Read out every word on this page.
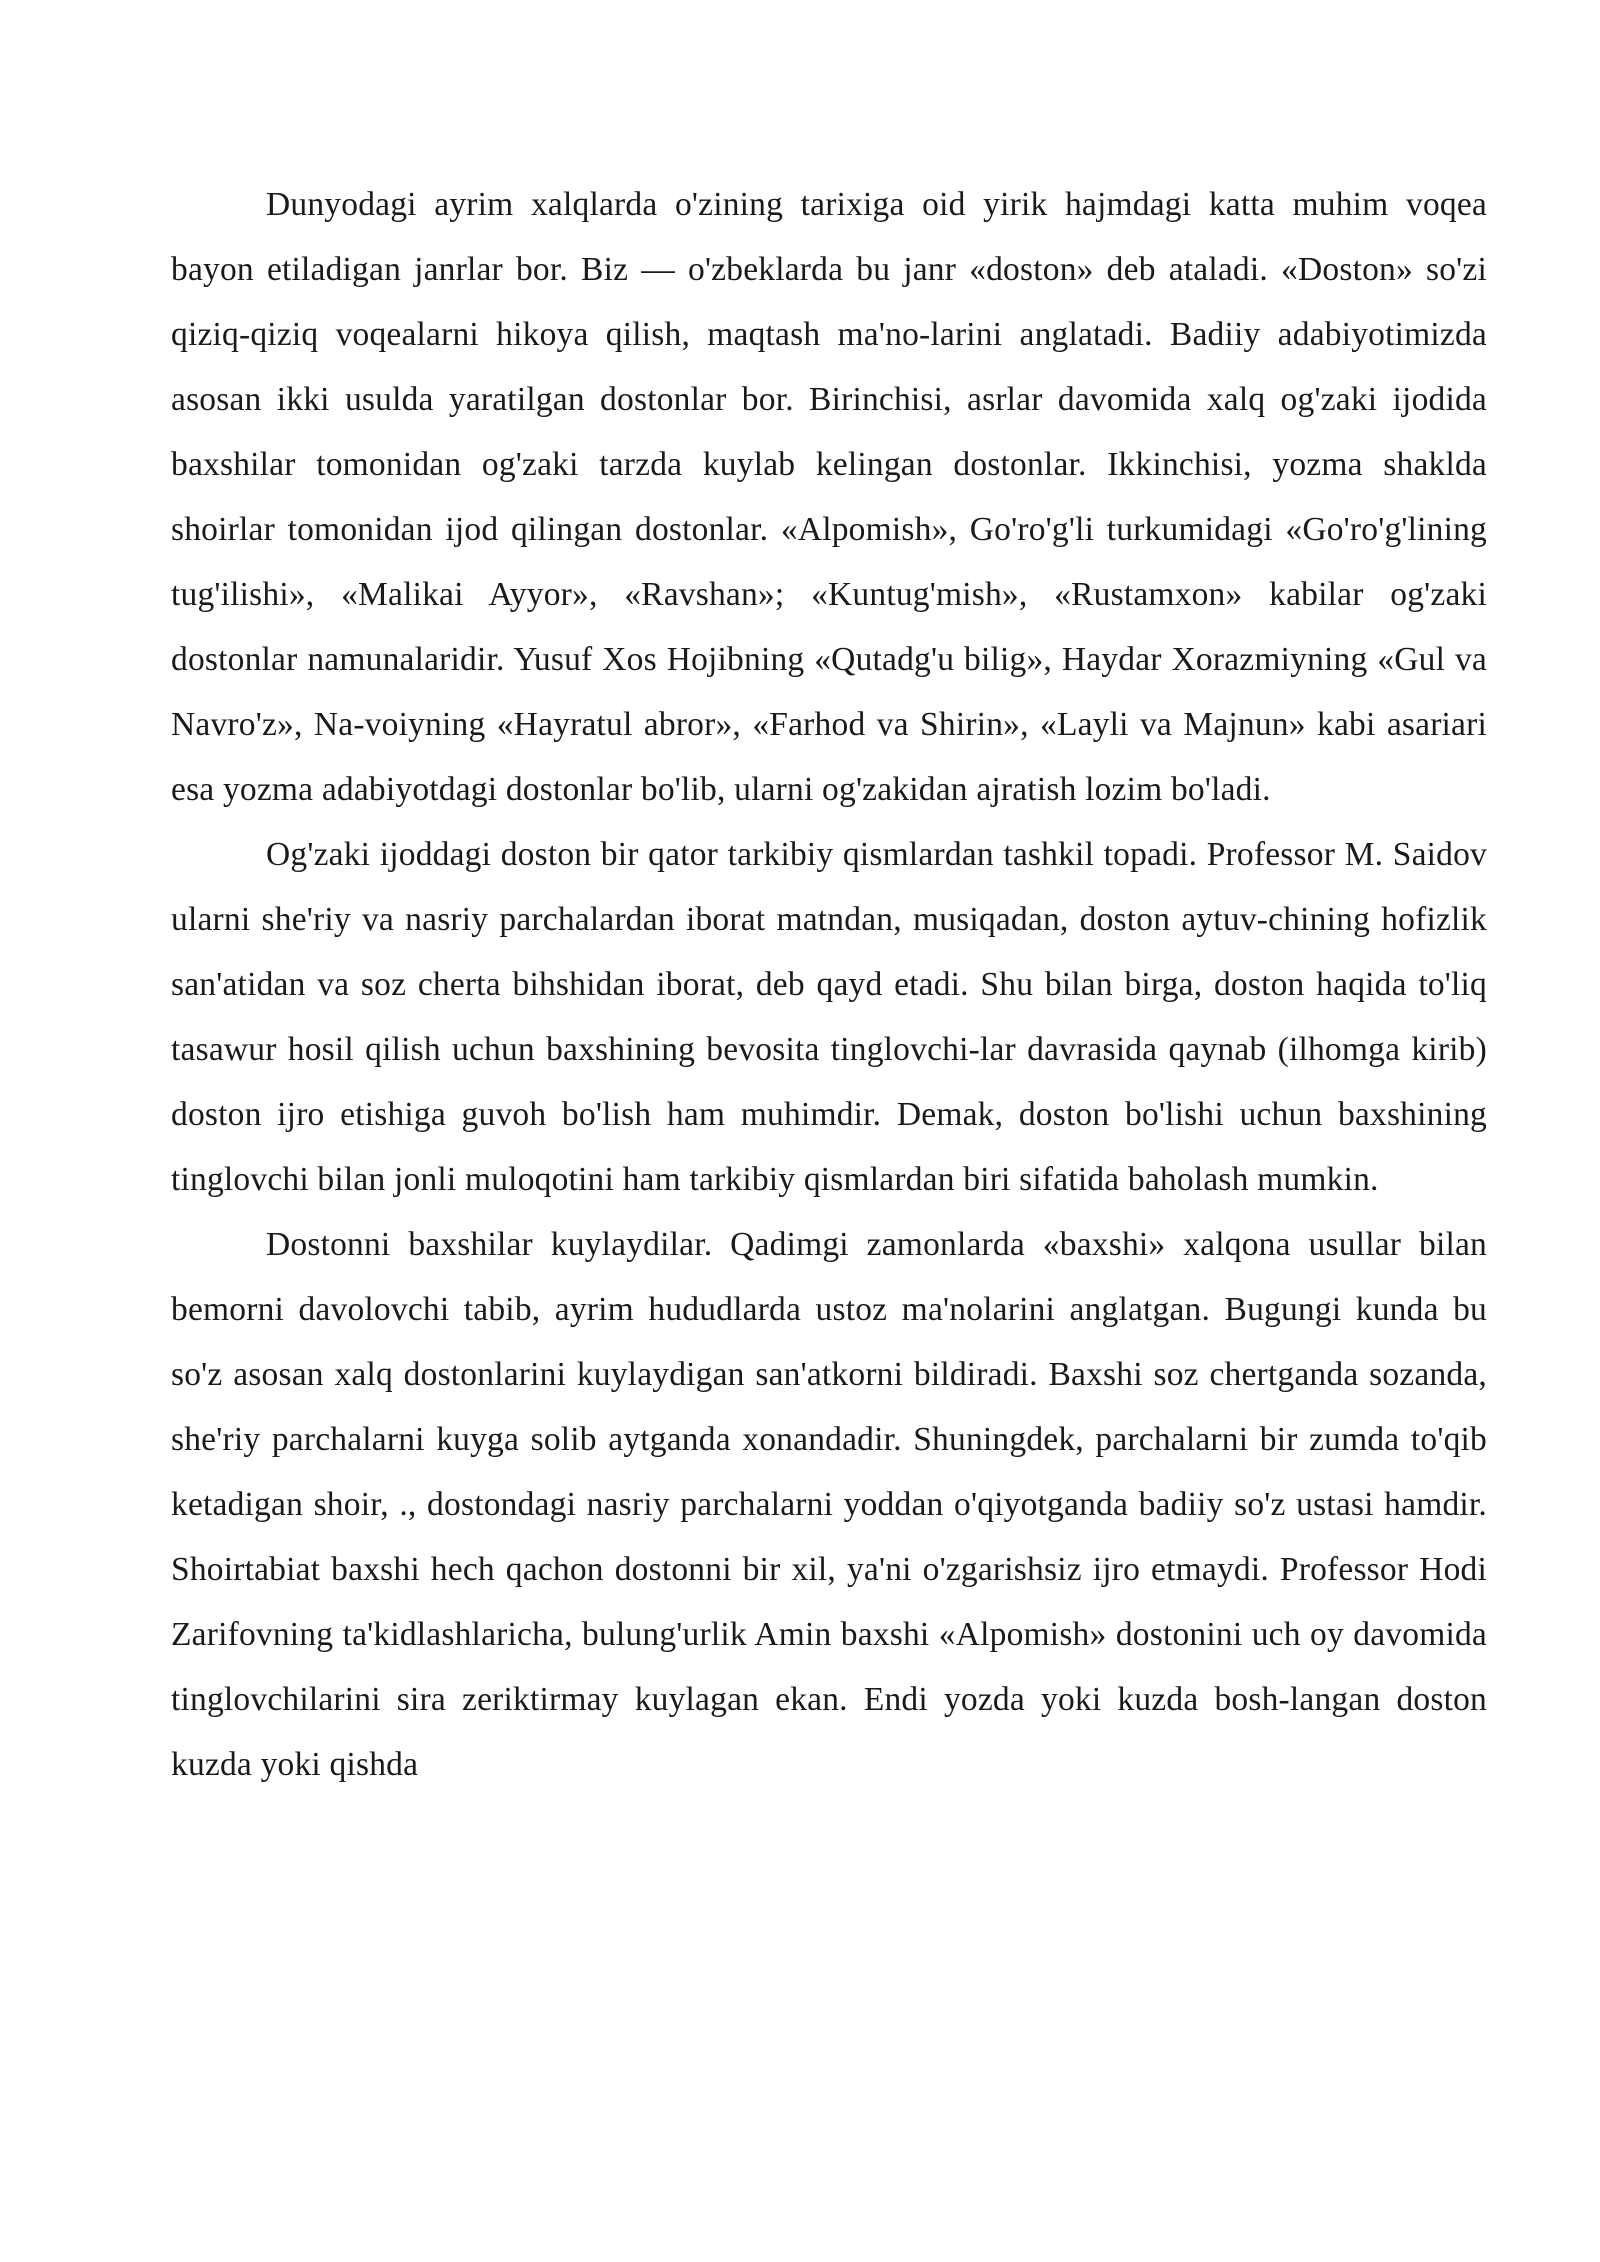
Dunyodagi ayrim xalqlarda o'zining tarixiga oid yirik hajmdagi katta muhim voqea bayon etiladigan janrlar bor. Biz — o'zbeklarda bu janr «doston» deb ataladi. «Doston» so'zi qiziq-qiziq voqealarni hikoya qilish, maqtash ma'no-larini anglatadi. Badiiy adabiyotimizda asosan ikki usulda yaratilgan dostonlar bor. Birinchisi, asrlar davomida xalq og'zaki ijodida baxshilar tomonidan og'zaki tarzda kuylab kelingan dostonlar. Ikkinchisi, yozma shaklda shoirlar tomonidan ijod qilingan dostonlar. «Alpomish», Go'ro'g'li turkumidagi «Go'ro'g'lining tug'ilishi», «Malikai Ayyor», «Ravshan»; «Kuntug'mish», «Rustamxon» kabilar og'zaki dostonlar namunalaridir. Yusuf Xos Hojibning «Qutadg'u bilig», Haydar Xorazmiyning «Gul va Navro'z», Na-voiyning «Hayratul abror», «Farhod va Shirin», «Layli va Majnun» kabi asariari esa yozma adabiyotdagi dostonlar bo'lib, ularni og'zakidan ajratish lozim bo'ladi.

Og'zaki ijoddagi doston bir qator tarkibiy qismlardan tashkil topadi. Professor M. Saidov ularni she'riy va nasriy parchalardan iborat matndan, musiqadan, doston aytuv-chining hofizlik san'atidan va soz cherta bihshidan iborat, deb qayd etadi. Shu bilan birga, doston haqida to'liq tasawur hosil qilish uchun baxshining bevosita tinglovchi-lar davrasida qaynab (ilhomga kirib) doston ijro etishiga guvoh bo'lish ham muhimdir. Demak, doston bo'lishi uchun baxshining tinglovchi bilan jonli muloqotini ham tarkibiy qismlardan biri sifatida baholash mumkin.

Dostonni baxshilar kuylaydilar. Qadimgi zamonlarda «baxshi» xalqona usullar bilan bemorni davolovchi tabib, ayrim hududlarda ustoz ma'nolarini anglatgan. Bugungi kunda bu so'z asosan xalq dostonlarini kuylaydigan san'atkorni bildiradi. Baxshi soz chertganda sozanda, she'riy parchalarni kuyga solib aytganda xonandadir. Shuningdek, parchalarni bir zumda to'qib ketadigan shoir, ., dostondagi nasriy parchalarni yoddan o'qiyotganda badiiy so'z ustasi hamdir. Shoirtabiat baxshi hech qachon dostonni bir xil, ya'ni o'zgarishsiz ijro etmaydi. Professor Hodi Zarifovning ta'kidlashlaricha, bulung'urlik Amin baxshi «Alpomish» dostonini uch oy davomida tinglovchilarini sira zeriktirmay kuylagan ekan. Endi yozda yoki kuzda bosh-langan doston kuzda yoki qishda
